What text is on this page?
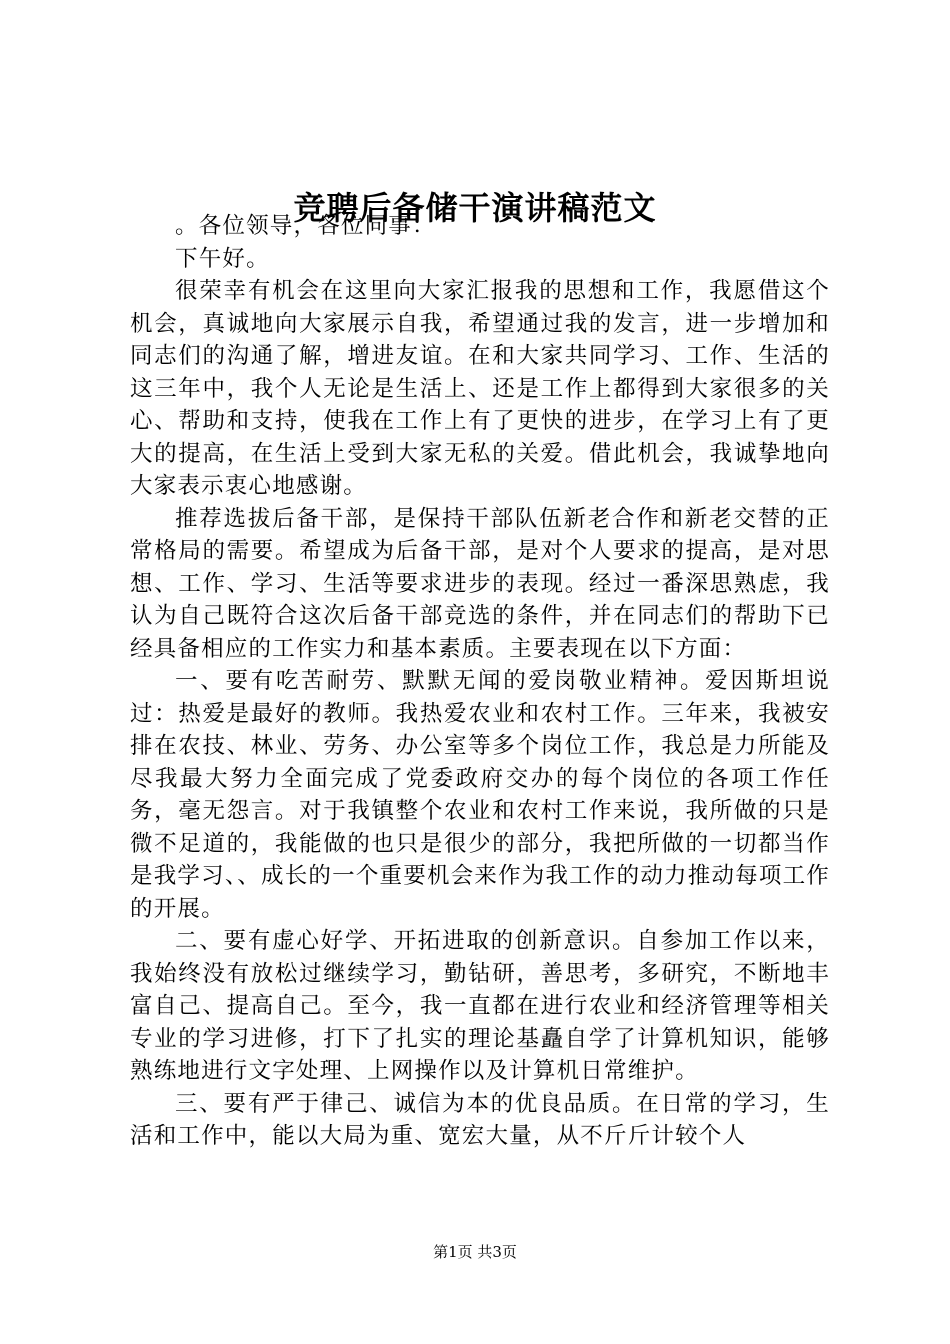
竞聘后备储干演讲稿范文

。各位领导，各位同事：

下午好。

很荣幸有机会在这里向大家汇报我的思想和工作，我愿借这个机会，真诚地向大家展示自我，希望通过我的发言，进一步增加和同志们的沟通了解，增进友谊。在和大家共同学习、工作、生活的这三年中，我个人无论是生活上、还是工作上都得到大家很多的关心、帮助和支持，使我在工作上有了更快的进步，在学习上有了更大的提高，在生活上受到大家无私的关爱。借此机会，我诚挚地向大家表示衷心地感谢。

推荐选拔后备干部，是保持干部队伍新老合作和新老交替的正常格局的需要。希望成为后备干部，是对个人要求的提高，是对思想、工作、学习、生活等要求进步的表现。经过一番深思熟虑，我认为自己既符合这次后备干部竞选的条件，并在同志们的帮助下已经具备相应的工作实力和基本素质。主要表现在以下方面：

一、要有吃苦耐劳、默默无闻的爱岗敬业精神。爱因斯坦说过：热爱是最好的教师。我热爱农业和农村工作。三年来，我被安排在农技、林业、劳务、办公室等多个岗位工作，我总是力所能及尽我最大努力全面完成了党委政府交办的每个岗位的各项工作任务，毫无怨言。对于我镇整个农业和农村工作来说，我所做的只是微不足道的，我能做的也只是很少的部分，我把所做的一切都当作是我学习、、成长的一个重要机会来作为我工作的动力推动每项工作的开展。

二、要有虚心好学、开拓进取的创新意识。自参加工作以来，我始终没有放松过继续学习，勤钻研，善思考，多研究，不断地丰富自己、提高自己。至今，我一直都在进行农业和经济管理等相关专业的学习进修，打下了扎实的理论基矗自学了计算机知识，能够熟练地进行文字处理、上网操作以及计算机日常维护。

三、要有严于律己、诚信为本的优良品质。在日常的学习，生活和工作中，能以大局为重、宽宏大量，从不斤斤计较个人

第1页 共3页
